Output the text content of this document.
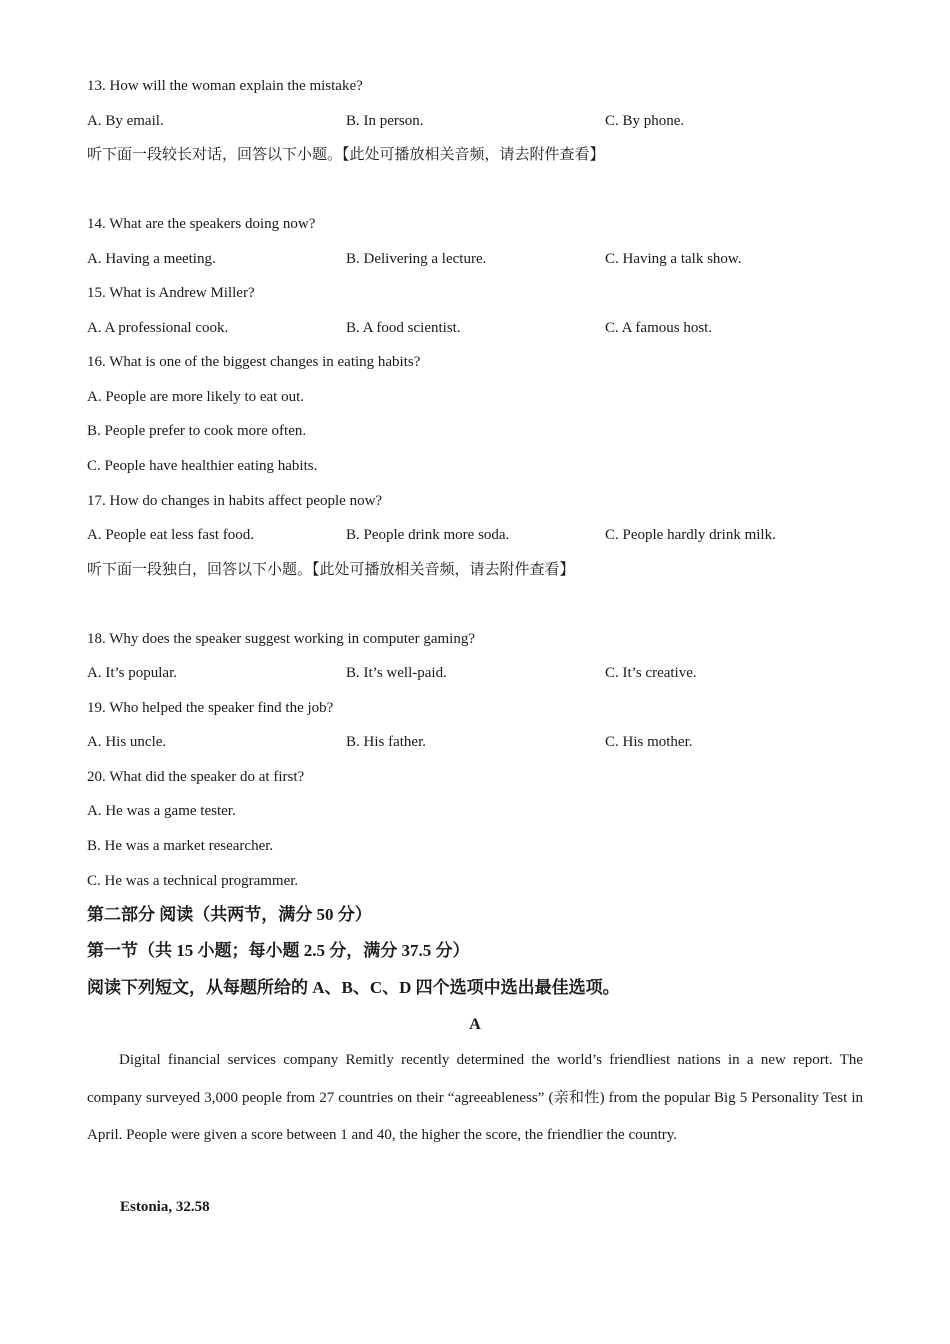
13. How will the woman explain the mistake?
A. By email.	B. In person.	C. By phone.
听下面一段较长对话，回答以下小题。【此处可播放相关音频，请去附件查看】
14. What are the speakers doing now?
A. Having a meeting.	B. Delivering a lecture.	C. Having a talk show.
15. What is Andrew Miller?
A. A professional cook.	B. A food scientist.	C. A famous host.
16. What is one of the biggest changes in eating habits?
A. People are more likely to eat out.
B. People prefer to cook more often.
C. People have healthier eating habits.
17. How do changes in habits affect people now?
A. People eat less fast food.	B. People drink more soda.	C. People hardly drink milk.
听下面一段独白，回答以下小题。【此处可播放相关音频，请去附件查看】
18. Why does the speaker suggest working in computer gaming?
A. It’s popular.	B. It’s well-paid.	C. It’s creative.
19. Who helped the speaker find the job?
A. His uncle.	B. His father.	C. His mother.
20. What did the speaker do at first?
A. He was a game tester.
B. He was a market researcher.
C. He was a technical programmer.
第二部分 阅读（共两节，满分 50 分）
第一节（共 15 小题；每小题 2.5 分，满分 37.5 分）
阅读下列短文，从每题所给的 A、B、C、D 四个选项中选出最佳选项。
A
Digital financial services company Remitly recently determined the world’s friendliest nations in a new report. The company surveyed 3,000 people from 27 countries on their “agreeableness” (亲和性) from the popular Big 5 Personality Test in April. People were given a score between 1 and 40, the higher the score, the friendlier the country.
Estonia, 32.58
